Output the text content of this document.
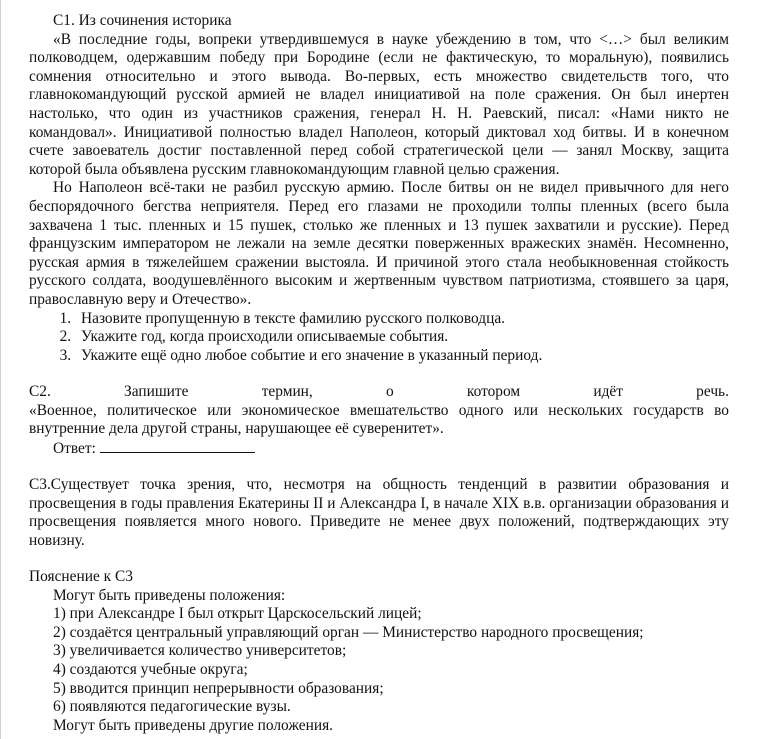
С1. Из сочинения историка

«В последние годы, вопреки утвердившемуся в науке убеждению в том, что <…> был великим полководцем, одержавшим победу при Бородине (если не фактическую, то моральную), появились сомнения относительно и этого вывода. Во-первых, есть множество свидетельств того, что главнокомандующий русской армией не владел инициативой на поле сражения. Он был инертен настолько, что один из участников сражения, генерал Н. Н. Раевский, писал: «Нами никто не командовал». Инициативой полностью владел Наполеон, который диктовал ход битвы. И в конечном счете завоеватель достиг поставленной перед собой стратегической цели — занял Москву, защита которой была объявлена русским главнокомандующим главной целью сражения.

Но Наполеон всё-таки не разбил русскую армию. После битвы он не видел привычного для него беспорядочного бегства неприятеля. Перед его глазами не проходили толпы пленных (всего была захвачена 1 тыс. пленных и 15 пушек, столько же пленных и 13 пушек захватили и русские). Перед французским императором не лежали на земле десятки поверженных вражеских знамён. Несомненно, русская армия в тяжелейшем сражении выстояла. И причиной этого стала необыкновенная стойкость русского солдата, воодушевлённого высоким и жертвенным чувством патриотизма, стоявшего за царя, православную веру и Отечество».

1. Назовите пропущенную в тексте фамилию русского полководца.
2. Укажите год, когда происходили описываемые события.
3. Укажите ещё одно любое событие и его значение в указанный период.
С2.	Запишите	термин,	о	котором	идёт	речь.

«Военное, политическое или экономическое вмешательство одного или нескольких государств во внутренние дела другой страны, нарушающее её суверенитет».

Ответ:

С3.Существует точка зрения, что, несмотря на общность тенденций в развитии образования и просвещения в годы правления Екатерины II и Александра I, в начале XIX в.в. организации образования и просвещения появляется много нового. Приведите не менее двух положений, подтверждающих эту новизну.

Пояснение к С3

Могут быть приведены положения:

1) при Александре I был открыт Царскосельский лицей;

2) создаётся центральный управляющий орган — Министерство народного просвещения;

3) увеличивается количество университетов;

4) создаются учебные округа;

5) вводится принцип непрерывности образования;

6) появляются педагогические вузы.

Могут быть приведены другие положения.
